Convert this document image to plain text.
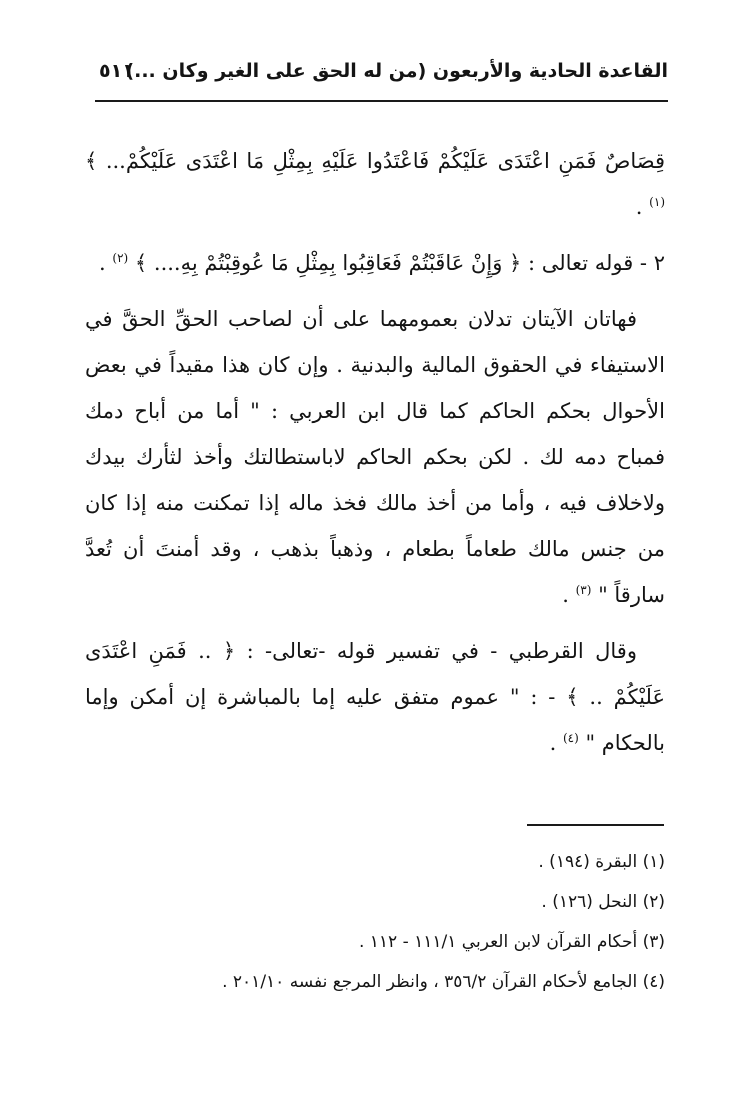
القاعدة الحادية والأربعون (من له الحق على الغير وكان ...)
٥١١

قِصَاصٌ فَمَنِ اعْتَدَى عَلَيْكُمْ فَاعْتَدُوا عَلَيْهِ بِمِثْلِ مَا اعْتَدَى عَلَيْكُمْ... ﴾ $^{(١)}$ .

٢ - قوله تعالى : ﴿ وَإِنْ عَاقَبْتُمْ فَعَاقِبُوا بِمِثْلِ مَا عُوقِبْتُمْ بِهِ.... ﴾ $^{(٢)}$ .

فهاتان الآيتان تدلان بعمومهما على أن لصاحب الحقِّ الحقَّ في الاستيفاء في الحقوق المالية والبدنية . وإن كان هذا مقيداً في بعض الأحوال بحكم الحاكم كما قال ابن العربي : " أما من أباح دمك فمباح دمه لك . لكن بحكم الحاكم لاباستطالتك وأخذ لثأرك بيدك ولاخلاف فيه ، وأما من أخذ مالك فخذ ماله إذا تمكنت منه إذا كان من جنس مالك طعاماً بطعام ، وذهباً بذهب ، وقد أمنتَ أن تُعدَّ سارقاً " $^{(٣)}$ .

وقال القرطبي - في تفسير قوله -تعالى- : ﴿ .. فَمَنِ اعْتَدَى عَلَيْكُمْ .. ﴾ - : " عموم متفق عليه إما بالمباشرة إن أمكن وإما بالحكام " $^{(٤)}$ .

(١) البقرة (١٩٤) .
(٢) النحل (١٢٦) .
(٣) أحكام القرآن لابن العربي ١١١/١ - ١١٢ .
(٤) الجامع لأحكام القرآن ٣٥٦/٢ ، وانظر المرجع نفسه ٢٠١/١٠ .
